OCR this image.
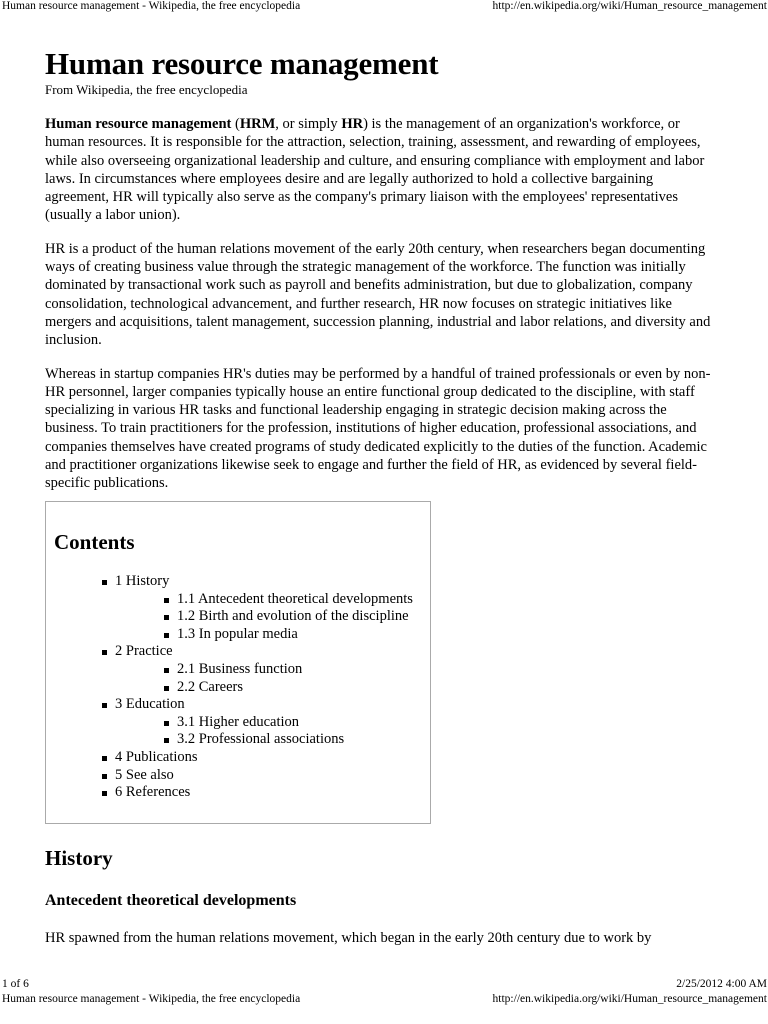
Human resource management - Wikipedia, the free encyclopedia	http://en.wikipedia.org/wiki/Human_resource_management
Human resource management
From Wikipedia, the free encyclopedia

Human resource management (HRM, or simply HR) is the management of an organization's workforce, or human resources. It is responsible for the attraction, selection, training, assessment, and rewarding of employees, while also overseeing organizational leadership and culture, and ensuring compliance with employment and labor laws. In circumstances where employees desire and are legally authorized to hold a collective bargaining agreement, HR will typically also serve as the company's primary liaison with the employees' representatives (usually a labor union).

HR is a product of the human relations movement of the early 20th century, when researchers began documenting ways of creating business value through the strategic management of the workforce. The function was initially dominated by transactional work such as payroll and benefits administration, but due to globalization, company consolidation, technological advancement, and further research, HR now focuses on strategic initiatives like mergers and acquisitions, talent management, succession planning, industrial and labor relations, and diversity and inclusion.

Whereas in startup companies HR's duties may be performed by a handful of trained professionals or even by non-HR personnel, larger companies typically house an entire functional group dedicated to the discipline, with staff specializing in various HR tasks and functional leadership engaging in strategic decision making across the business. To train practitioners for the profession, institutions of higher education, professional associations, and companies themselves have created programs of study dedicated explicitly to the duties of the function. Academic and practitioner organizations likewise seek to engage and further the field of HR, as evidenced by several field-specific publications.

Contents
1 History
1.1 Antecedent theoretical developments
1.2 Birth and evolution of the discipline
1.3 In popular media
2 Practice
2.1 Business function
2.2 Careers
3 Education
3.1 Higher education
3.2 Professional associations
4 Publications
5 See also
6 References
History
Antecedent theoretical developments

HR spawned from the human relations movement, which began in the early 20th century due to work by

1 of 6	2/25/2012 4:00 AM
Human resource management - Wikipedia, the free encyclopedia	http://en.wikipedia.org/wiki/Human_resource_management
